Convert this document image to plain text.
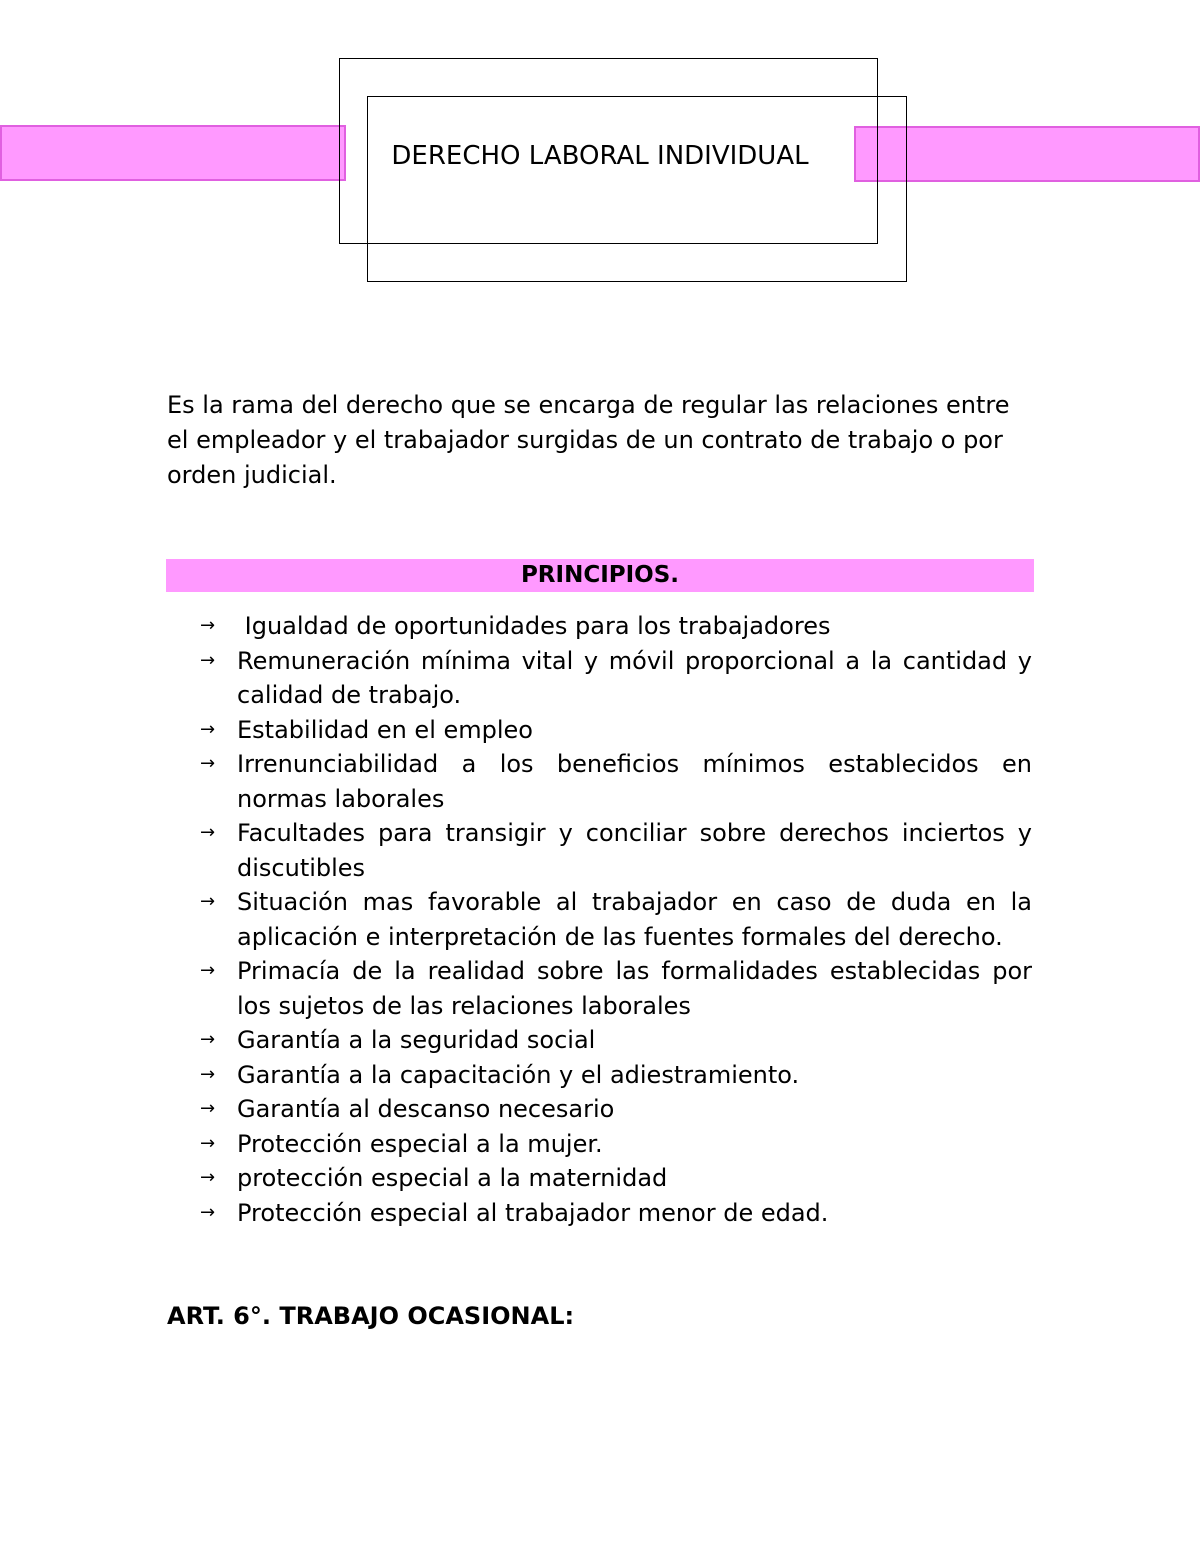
DERECHO LABORAL INDIVIDUAL

Es la rama del derecho que se encarga de regular las relaciones entre el empleador y el trabajador surgidas de un contrato de trabajo o por orden judicial.

PRINCIPIOS.
→ Igualdad de oportunidades para los trabajadores
→ Remuneración mínima vital y móvil proporcional a la cantidad y calidad de trabajo.
→ Estabilidad en el empleo
→ Irrenunciabilidad a los beneficios mínimos establecidos en normas laborales
→ Facultades para transigir y conciliar sobre derechos inciertos y discutibles
→ Situación mas favorable al trabajador en caso de duda en la aplicación e interpretación de las fuentes formales del derecho.
→ Primacía de la realidad sobre las formalidades establecidas por los sujetos de las relaciones laborales
→ Garantía a la seguridad social
→ Garantía a la capacitación y el adiestramiento.
→ Garantía al descanso necesario
→ Protección especial a la mujer.
→ protección especial a la maternidad
→ Protección especial al trabajador menor de edad.
ART. 6°. TRABAJO OCASIONAL:
